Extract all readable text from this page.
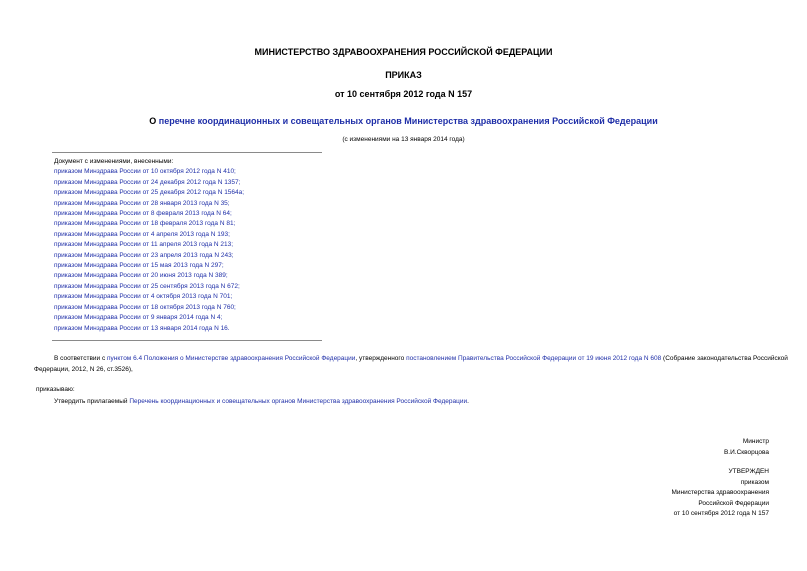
МИНИСТЕРСТВО ЗДРАВООХРАНЕНИЯ РОССИЙСКОЙ ФЕДЕРАЦИИ
ПРИКАЗ
от 10 сентября 2012 года N 157
О перечне координационных и совещательных органов Министерства здравоохранения Российской Федерации
(с изменениями на 13 января 2014 года)
Документ с изменениями, внесенными:
приказом Минздрава России от 10 октября 2012 года N 410;
приказом Минздрава России от 24 декабря 2012 года N 1357;
приказом Минздрава России от 25 декабря 2012 года N 1564а;
приказом Минздрава России от 28 января 2013 года N 35;
приказом Минздрава России от 8 февраля 2013 года N 64;
приказом Минздрава России от 18 февраля 2013 года N 81;
приказом Минздрава России от 4 апреля 2013 года N 193;
приказом Минздрава России от 11 апреля 2013 года N 213;
приказом Минздрава России от 23 апреля 2013 года N 243;
приказом Минздрава России от 15 мая 2013 года N 297;
приказом Минздрава России от 20 июня 2013 года N 389;
приказом Минздрава России от 25 сентября 2013 года N 672;
приказом Минздрава России от 4 октября 2013 года N 701;
приказом Минздрава России от 18 октября 2013 года N 760;
приказом Минздрава России от 9 января 2014 года N 4;
приказом Минздрава России от 13 января 2014 года N 16.
В соответствии с пунктом 6.4 Положения о Министерстве здравоохранения Российской Федерации, утвержденного постановлением Правительства Российской Федерации от 19 июня 2012 года N 608 (Собрание законодательства Российской Федерации, 2012, N 26, ст.3526),
приказываю:
Утвердить прилагаемый Перечень координационных и совещательных органов Министерства здравоохранения Российской Федерации.
Министр
В.И.Скворцова
УТВЕРЖДЕН
приказом
Министерства здравоохранения
Российской Федерации
от 10 сентября 2012 года N 157
